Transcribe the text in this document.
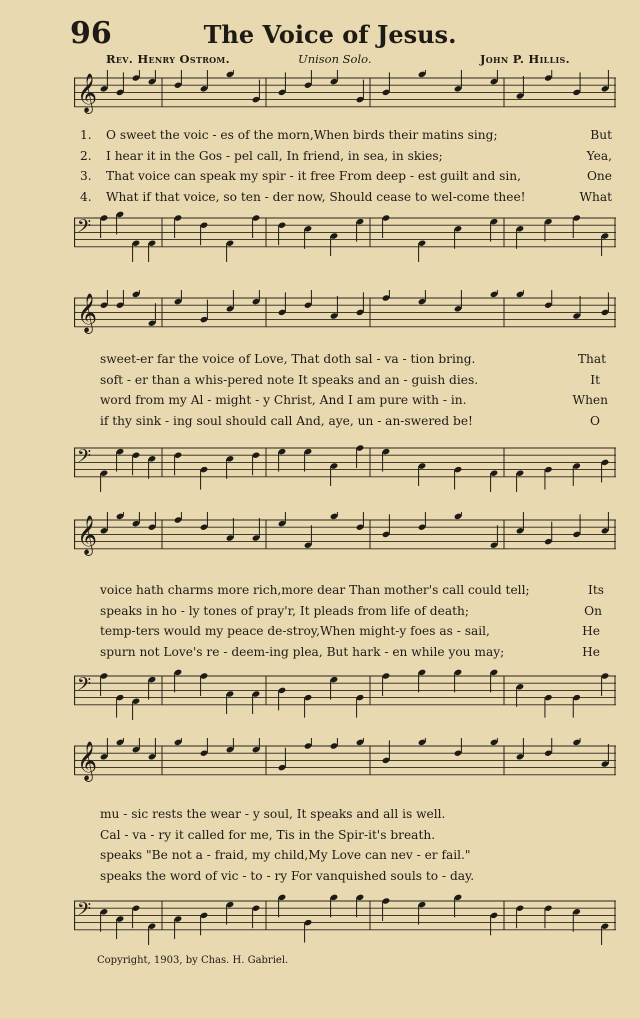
96	The Voice of Jesus.
Rev. Henry Ostrom.	Unison Solo.	John P. Hillis.
𝄞
1. O sweet the voic - es of the morn,When birds their matins sing;	But
2. I hear it in the Gos - pel call, In friend, in sea, in skies;	Yea,
3. That voice can speak my spir - it free From deep - est guilt and sin,	One
4. What if that voice, so ten - der now, Should cease to wel-come thee!	What
𝄢
𝄞
sweet-er far the voice of Love, That doth sal - va - tion bring.	That
soft - er than a whis-pered note It speaks and an - guish dies.	It
word from my Al - might - y Christ, And I am pure with - in.	When
if thy sink - ing soul should call And, aye, un - an-swered be!	O
𝄢
𝄞
voice hath charms more rich,more dear Than mother's call could tell;	Its
speaks in ho - ly tones of pray'r, It pleads from life of death;	On
temp-ters would my peace de-stroy,When might-y foes as - sail,	He
spurn not Love's re - deem-ing plea, But hark - en while you may;	He
𝄢
𝄞
mu - sic rests the wear - y soul, It speaks and all is well.
Cal - va - ry it called for me, Tis in the Spir-it's breath.
speaks "Be not a - fraid, my child,My Love can nev - er fail."
speaks the word of vic - to - ry For vanquished souls to - day.
𝄢
Copyright, 1903, by Chas. H. Gabriel.
